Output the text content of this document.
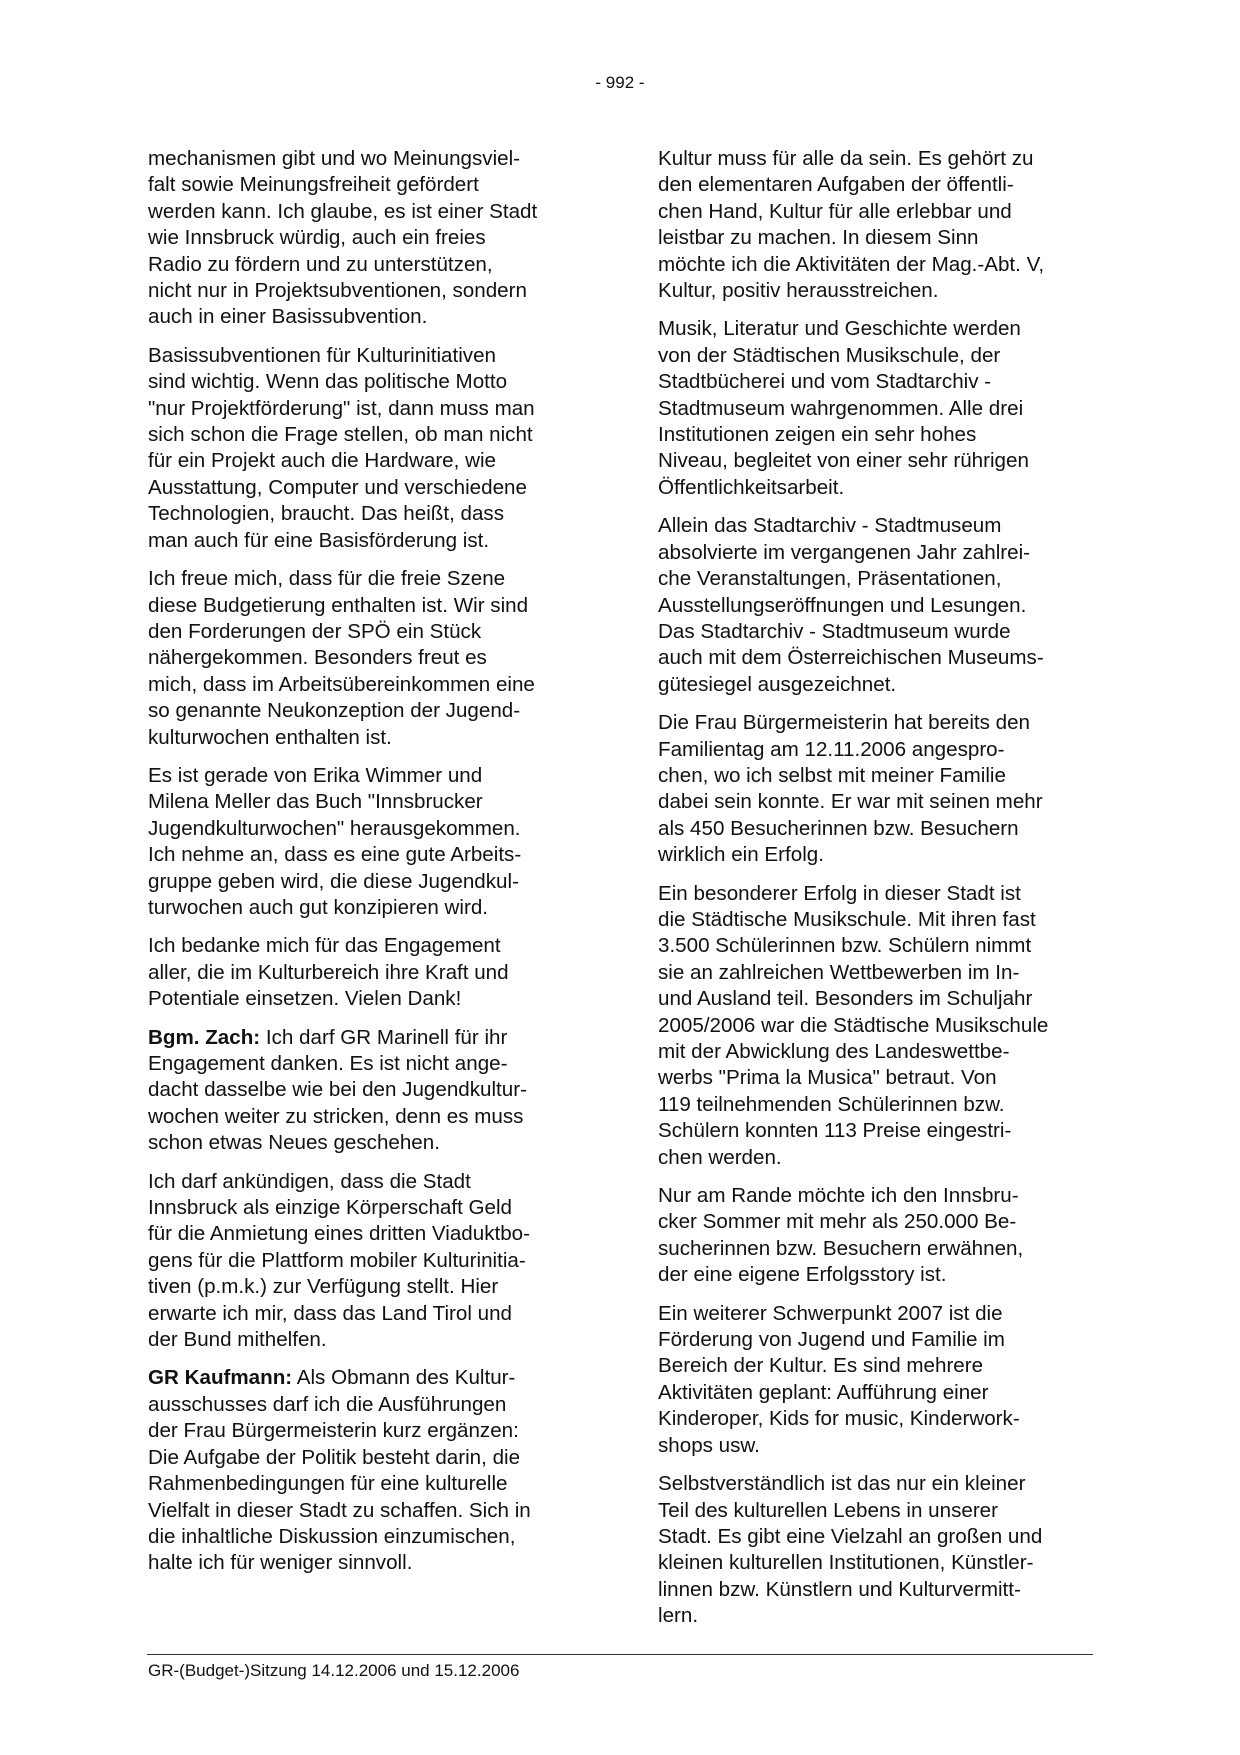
- 992 -

mechanismen gibt und wo Meinungsviel-
falt sowie Meinungsfreiheit gefördert
werden kann. Ich glaube, es ist einer Stadt
wie Innsbruck würdig, auch ein freies
Radio zu fördern und zu unterstützen,
nicht nur in Projektsubventionen, sondern
auch in einer Basissubvention.

Basissubventionen für Kulturinitiativen
sind wichtig. Wenn das politische Motto
"nur Projektförderung" ist, dann muss man
sich schon die Frage stellen, ob man nicht
für ein Projekt auch die Hardware, wie
Ausstattung, Computer und verschiedene
Technologien, braucht. Das heißt, dass
man auch für eine Basisförderung ist.

Ich freue mich, dass für die freie Szene
diese Budgetierung enthalten ist. Wir sind
den Forderungen der SPÖ ein Stück
nähergekommen. Besonders freut es
mich, dass im Arbeitsübereinkommen eine
so genannte Neukonzeption der Jugend-
kulturwochen enthalten ist.

Es ist gerade von Erika Wimmer und
Milena Meller das Buch "Innsbrucker
Jugendkulturwochen" herausgekommen.
Ich nehme an, dass es eine gute Arbeits-
gruppe geben wird, die diese Jugendkul-
turwochen auch gut konzipieren wird.

Ich bedanke mich für das Engagement
aller, die im Kulturbereich ihre Kraft und
Potentiale einsetzen. Vielen Dank!

Bgm. Zach: Ich darf GR Marinell für ihr
Engagement danken. Es ist nicht ange-
dacht dasselbe wie bei den Jugendkultur-
wochen weiter zu stricken, denn es muss
schon etwas Neues geschehen.

Ich darf ankündigen, dass die Stadt
Innsbruck als einzige Körperschaft Geld
für die Anmietung eines dritten Viaduktbo-
gens für die Plattform mobiler Kulturinitia-
tiven (p.m.k.) zur Verfügung stellt. Hier
erwarte ich mir, dass das Land Tirol und
der Bund mithelfen.

GR Kaufmann: Als Obmann des Kultur-
ausschusses darf ich die Ausführungen
der Frau Bürgermeisterin kurz ergänzen:
Die Aufgabe der Politik besteht darin, die
Rahmenbedingungen für eine kulturelle
Vielfalt in dieser Stadt zu schaffen. Sich in
die inhaltliche Diskussion einzumischen,
halte ich für weniger sinnvoll.

Kultur muss für alle da sein. Es gehört zu
den elementaren Aufgaben der öffentli-
chen Hand, Kultur für alle erlebbar und
leistbar zu machen. In diesem Sinn
möchte ich die Aktivitäten der Mag.-Abt. V,
Kultur, positiv herausstreichen.

Musik, Literatur und Geschichte werden
von der Städtischen Musikschule, der
Stadtbücherei und vom Stadtarchiv -
Stadtmuseum wahrgenommen. Alle drei
Institutionen zeigen ein sehr hohes
Niveau, begleitet von einer sehr rührigen
Öffentlichkeitsarbeit.

Allein das Stadtarchiv - Stadtmuseum
absolvierte im vergangenen Jahr zahlrei-
che Veranstaltungen, Präsentationen,
Ausstellungseröffnungen und Lesungen.
Das Stadtarchiv - Stadtmuseum wurde
auch mit dem Österreichischen Museums-
gütesiegel ausgezeichnet.

Die Frau Bürgermeisterin hat bereits den
Familientag am 12.11.2006 angespro-
chen, wo ich selbst mit meiner Familie
dabei sein konnte. Er war mit seinen mehr
als 450 Besucherinnen bzw. Besuchern
wirklich ein Erfolg.

Ein besonderer Erfolg in dieser Stadt ist
die Städtische Musikschule. Mit ihren fast
3.500 Schülerinnen bzw. Schülern nimmt
sie an zahlreichen Wettbewerben im In-
und Ausland teil. Besonders im Schuljahr
2005/2006 war die Städtische Musikschule
mit der Abwicklung des Landeswettbe-
werbs "Prima la Musica" betraut. Von
119 teilnehmenden Schülerinnen bzw.
Schülern konnten 113 Preise eingestri-
chen werden.

Nur am Rande möchte ich den Innsbru-
cker Sommer mit mehr als 250.000 Be-
sucherinnen bzw. Besuchern erwähnen,
der eine eigene Erfolgsstory ist.

Ein weiterer Schwerpunkt 2007 ist die
Förderung von Jugend und Familie im
Bereich der Kultur. Es sind mehrere
Aktivitäten geplant: Aufführung einer
Kinderoper, Kids for music, Kinderwork-
shops usw.

Selbstverständlich ist das nur ein kleiner
Teil des kulturellen Lebens in unserer
Stadt. Es gibt eine Vielzahl an großen und
kleinen kulturellen Institutionen, Künstler-
linnen bzw. Künstlern und Kulturvermitt-
lern.

GR-(Budget-)Sitzung 14.12.2006 und 15.12.2006
